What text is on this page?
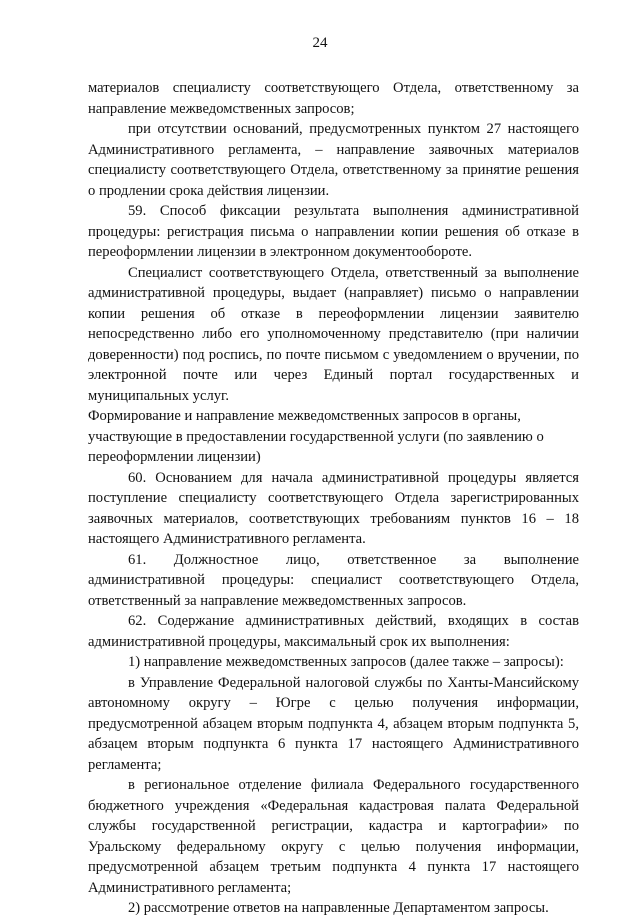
24

материалов специалисту соответствующего Отдела, ответственному за направление межведомственных запросов;

при отсутствии оснований, предусмотренных пунктом 27 настоящего Административного регламента, – направление заявочных материалов специалисту соответствующего Отдела, ответственному за принятие решения о продлении срока действия лицензии.

59. Способ фиксации результата выполнения административной процедуры: регистрация письма о направлении копии решения об отказе в переоформлении лицензии в электронном документообороте.

Специалист соответствующего Отдела, ответственный за выполнение административной процедуры, выдает (направляет) письмо о направлении копии решения об отказе в переоформлении лицензии заявителю непосредственно либо его уполномоченному представителю (при наличии доверенности) под роспись, по почте письмом с уведомлением о вручении, по электронной почте или через Единый портал государственных и муниципальных услуг.

Формирование и направление межведомственных запросов в органы,
участвующие в предоставлении государственной услуги (по заявлению о
переоформлении лицензии)

60. Основанием для начала административной процедуры является поступление специалисту соответствующего Отдела зарегистрированных заявочных материалов, соответствующих требованиям пунктов 16 – 18 настоящего Административного регламента.

61. Должностное лицо, ответственное за выполнение административной процедуры: специалист соответствующего Отдела, ответственный за направление межведомственных запросов.

62. Содержание административных действий, входящих в состав административной процедуры, максимальный срок их выполнения:

1) направление межведомственных запросов (далее также – запросы):

в Управление Федеральной налоговой службы по Ханты-Мансийскому автономному округу – Югре с целью получения информации, предусмотренной абзацем вторым подпункта 4, абзацем вторым подпункта 5, абзацем вторым подпункта 6 пункта 17 настоящего Административного регламента;

в региональное отделение филиала Федерального государственного бюджетного учреждения «Федеральная кадастровая палата Федеральной службы государственной регистрации, кадастра и картографии» по Уральскому федеральному округу с целью получения информации, предусмотренной абзацем третьим подпункта 4 пункта 17 настоящего Административного регламента;

2) рассмотрение ответов на направленные Департаментом запросы.
